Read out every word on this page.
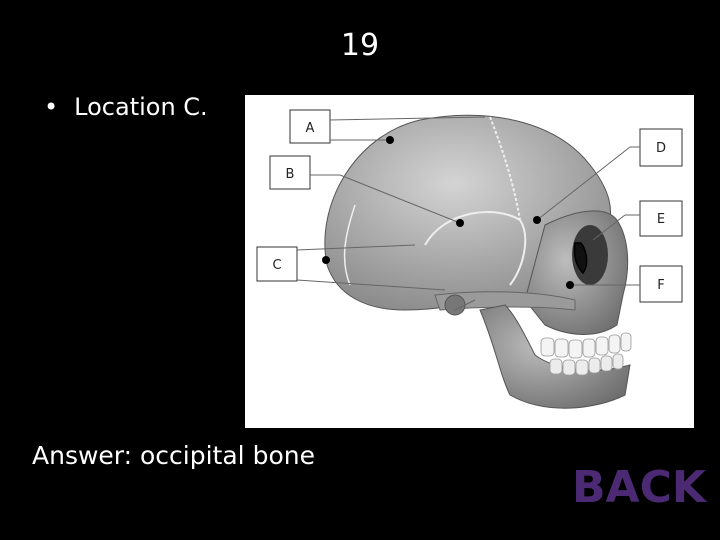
19
• Location C.
A
B
C
D
E
F
Answer: occipital bone
BACK
